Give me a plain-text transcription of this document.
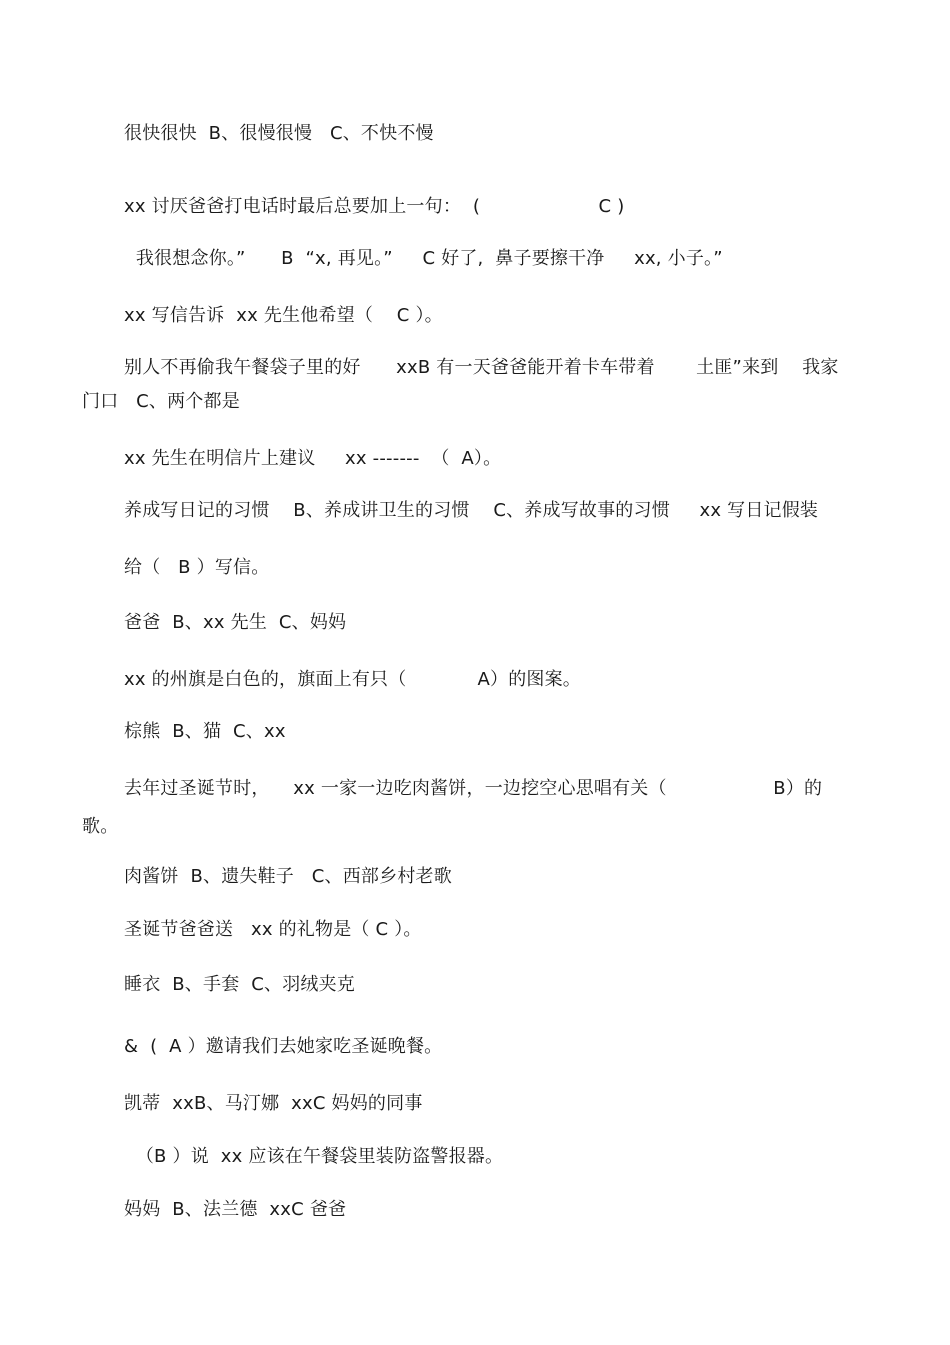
很快很快  B、很慢很慢   C、不快不慢
xx 讨厌爸爸打电话时最后总要加上一句：  (                    C )
我很想念你。”      B  “x, 再见。”     C 好了,  鼻子要擦干净     xx, 小子。”
xx 写信告诉  xx 先生他希望（    C ）。
别人不再偷我午餐袋子里的好      xxB 有一天爸爸能开着卡车带着       土匪”来到    我家
门口   C、两个都是
xx 先生在明信片上建议     xx -------  （  A）。
养成写日记的习惯    B、养成讲卫生的习惯    C、养成写故事的习惯     xx 写日记假装
给（   B ）写信。
爸爸  B、xx 先生  C、妈妈
xx 的州旗是白色的，旗面上有只（            A）的图案。
棕熊  B、猫  C、xx
去年过圣诞节时，    xx 一家一边吃肉酱饼，一边挖空心思唱有关（                  B）的
歌。
肉酱饼  B、遗失鞋子   C、西部乡村老歌
圣诞节爸爸送   xx 的礼物是（ C ）。
睡衣  B、手套  C、羽绒夹克
&  (  A ）邀请我们去她家吃圣诞晚餐。
凯蒂  xxB、马汀娜  xxC 妈妈的同事
（B ）说  xx 应该在午餐袋里装防盗警报器。
妈妈  B、法兰德  xxC 爸爸
